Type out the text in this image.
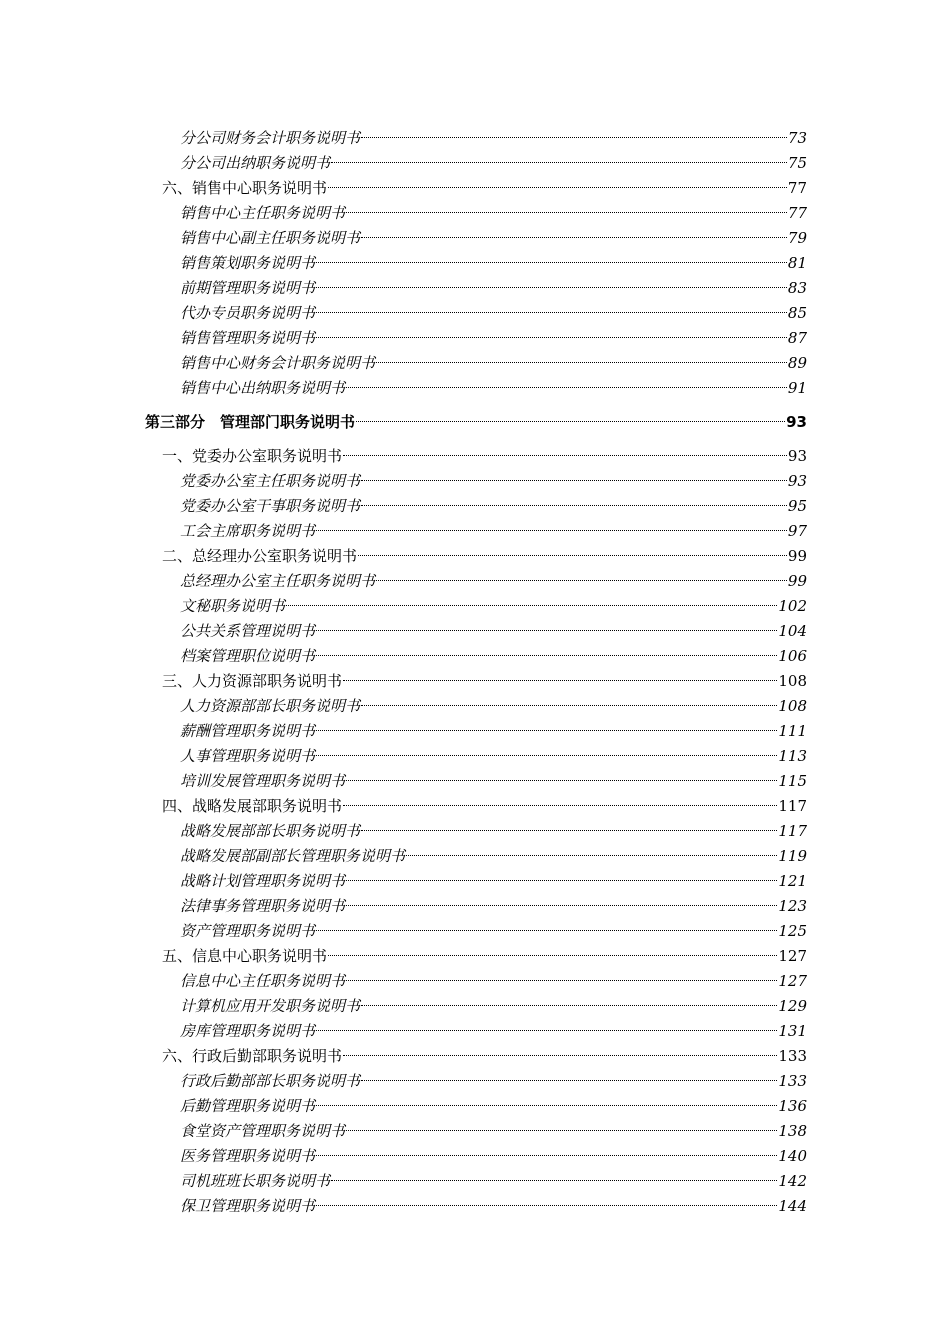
分公司财务会计职务说明书	73
分公司出纳职务说明书	75
六、销售中心职务说明书	77
销售中心主任职务说明书	77
销售中心副主任职务说明书	79
销售策划职务说明书	81
前期管理职务说明书	83
代办专员职务说明书	85
销售管理职务说明书	87
销售中心财务会计职务说明书	89
销售中心出纳职务说明书	91
第三部分　管理部门职务说明书	93
一、党委办公室职务说明书	93
党委办公室主任职务说明书	93
党委办公室干事职务说明书	95
工会主席职务说明书	97
二、总经理办公室职务说明书	99
总经理办公室主任职务说明书	99
文秘职务说明书	102
公共关系管理说明书	104
档案管理职位说明书	106
三、人力资源部职务说明书	108
人力资源部部长职务说明书	108
薪酬管理职务说明书	111
人事管理职务说明书	113
培训发展管理职务说明书	115
四、战略发展部职务说明书	117
战略发展部部长职务说明书	117
战略发展部副部长管理职务说明书	119
战略计划管理职务说明书	121
法律事务管理职务说明书	123
资产管理职务说明书	125
五、信息中心职务说明书	127
信息中心主任职务说明书	127
计算机应用开发职务说明书	129
房库管理职务说明书	131
六、行政后勤部职务说明书	133
行政后勤部部长职务说明书	133
后勤管理职务说明书	136
食堂资产管理职务说明书	138
医务管理职务说明书	140
司机班班长职务说明书	142
保卫管理职务说明书	144
